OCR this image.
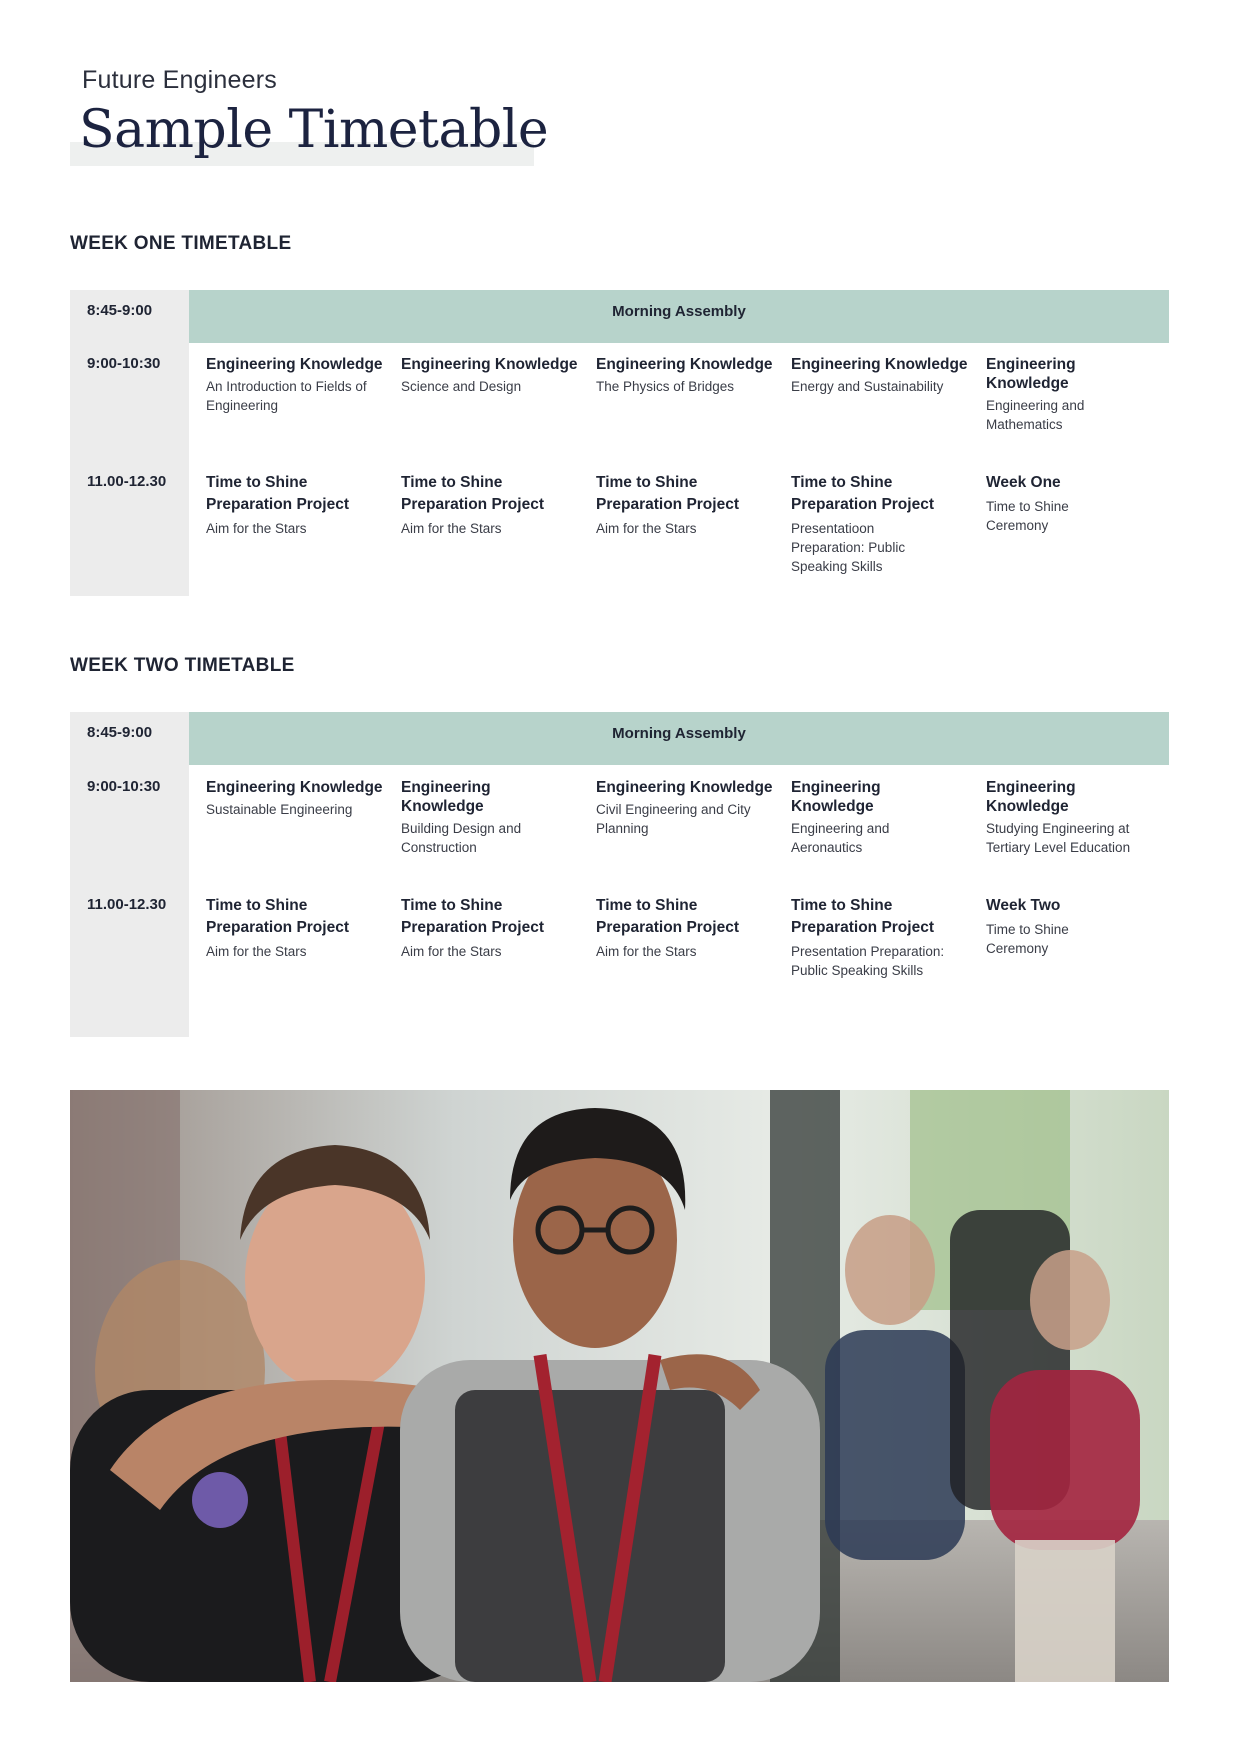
Future Engineers
Sample Timetable
WEEK ONE TIMETABLE
Morning Assembly
8:45-9:00
9:00-10:30
11.00-12.30
Engineering Knowledge
An Introduction to Fields of Engineering
Engineering Knowledge
Science and Design
Engineering Knowledge
The Physics of Bridges
Engineering Knowledge
Energy and Sustainability
Engineering Knowledge
Engineering and Mathematics
Time to Shine Preparation Project
Aim for the Stars
Time to Shine Preparation Project
Aim for the Stars
Time to Shine Preparation Project
Aim for the Stars
Time to Shine Preparation Project
Presentatioon Preparation: Public Speaking Skills
Week One
Time to Shine Ceremony
WEEK TWO TIMETABLE
Morning Assembly
8:45-9:00
9:00-10:30
11.00-12.30
Engineering Knowledge
Sustainable Engineering
Engineering Knowledge
Building Design and Construction
Engineering Knowledge
Civil Engineering and City Planning
Engineering Knowledge
Engineering and Aeronautics
Engineering Knowledge
Studying Engineering at Tertiary Level Education
Time to Shine Preparation Project
Aim for the Stars
Time to Shine Preparation Project
Aim for the Stars
Time to Shine Preparation Project
Aim for the Stars
Time to Shine Preparation Project
Presentation Preparation: Public Speaking Skills
Week Two
Time to Shine Ceremony
